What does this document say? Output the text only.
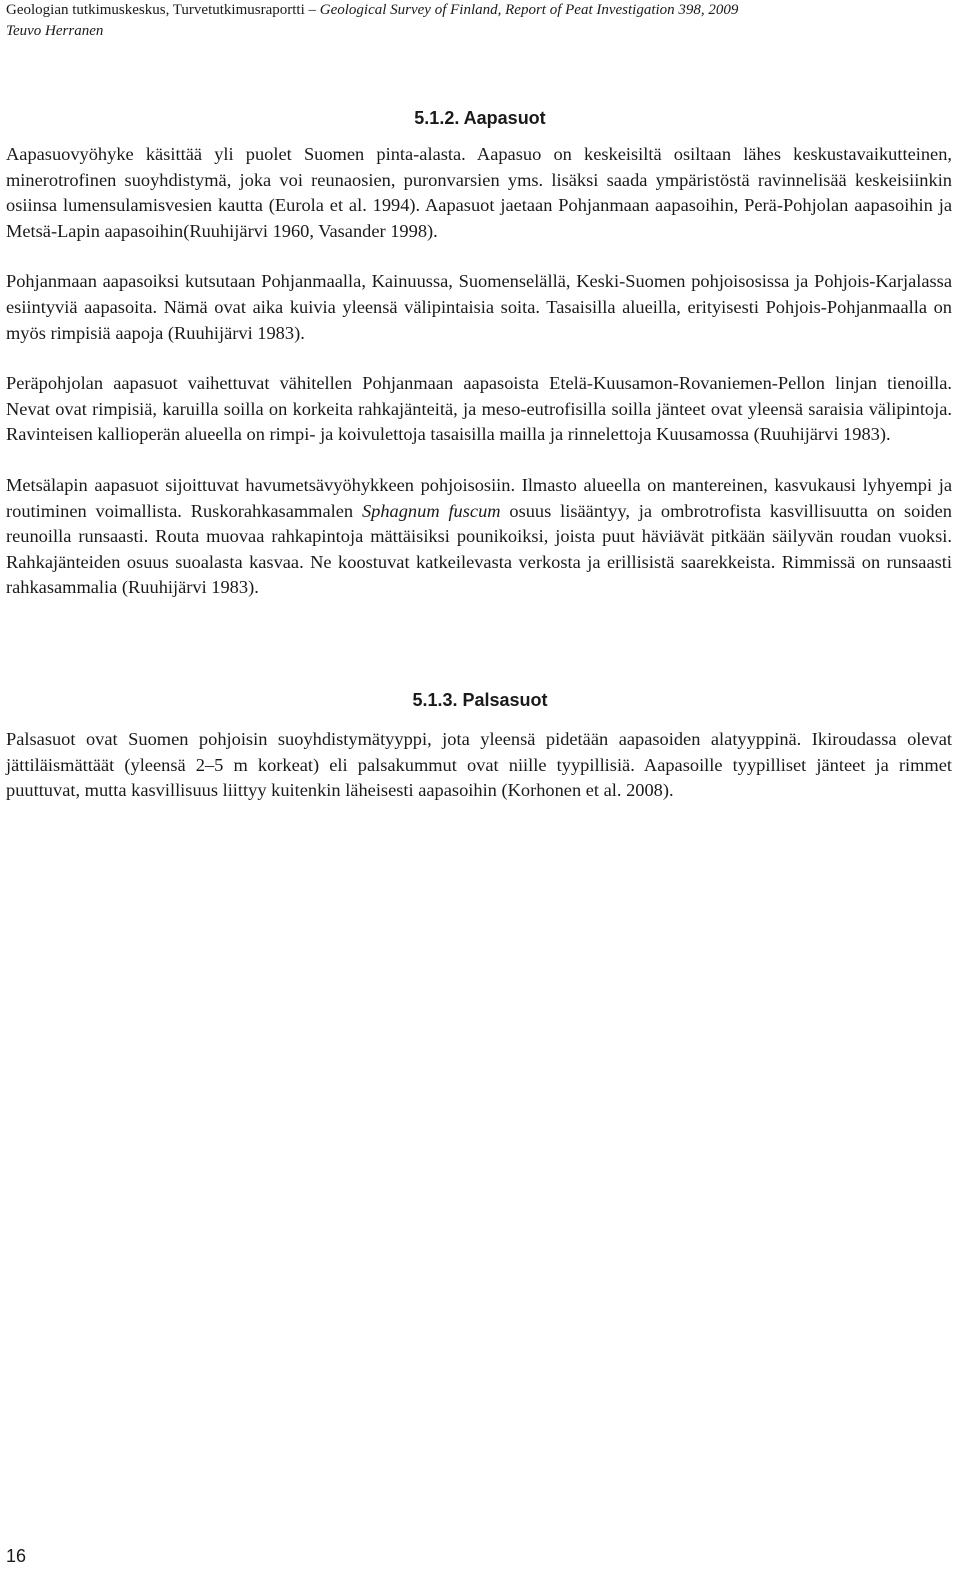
Geologian tutkimuskeskus, Turvetutkimusraportti – Geological Survey of Finland, Report of Peat Investigation 398, 2009
Teuvo Herranen
5.1.2. Aapasuot

Aapasuovyöhyke käsittää yli puolet Suomen pinta-alasta. Aapasuo on keskeisiltä osiltaan lähes keskustavaikutteinen, minerotrofinen suoyhdistymä, joka voi reunaosien, puronvarsien yms. lisäksi saada ympäristöstä ravinnelisää keskeisiinkin osiinsa lumensulamisvesien kautta (Eurola et al. 1994). Aapasuot jaetaan Pohjanmaan aapasoihin, Perä-Pohjolan aapasoihin ja Metsä-Lapin aapasoihin(Ruuhijärvi 1960, Vasander 1998).

Pohjanmaan aapasoiksi kutsutaan Pohjanmaalla, Kainuussa, Suomenselällä, Keski-Suomen pohjoisosissa ja Pohjois-Karjalassa esiintyviä aapasoita. Nämä ovat aika kuivia yleensä välipintaisia soita. Tasaisilla alueilla, erityisesti Pohjois-Pohjanmaalla on myös rimpisiä aapoja (Ruuhijärvi 1983).

Peräpohjolan aapasuot vaihettuvat vähitellen Pohjanmaan aapasoista Etelä-Kuusamon-Rovaniemen-Pellon linjan tienoilla. Nevat ovat rimpisiä, karuilla soilla on korkeita rahkajänteitä, ja meso-eutrofisilla soilla jänteet ovat yleensä saraisia välipintoja. Ravinteisen kallioperän alueella on rimpi- ja koivulettoja tasaisilla mailla ja rinnelettoja Kuusamossa (Ruuhijärvi 1983).

Metsälapin aapasuot sijoittuvat havumetsävyöhykkeen pohjoisosiin. Ilmasto alueella on mantereinen, kasvukausi lyhyempi ja routiminen voimallista. Ruskorahkasammalen Sphagnum fuscum osuus lisääntyy, ja ombrotrofista kasvillisuutta on soiden reunoilla runsaasti. Routa muovaa rahkapintoja mättäisiksi pounikoiksi, joista puut häviävät pitkään säilyvän roudan vuoksi. Rahkajänteiden osuus suoalasta kasvaa. Ne koostuvat katkeilevasta verkosta ja erillisistä saarekkeista. Rimmissä on runsaasti rahkasammalia (Ruuhijärvi 1983).

5.1.3. Palsasuot

Palsasuot ovat Suomen pohjoisin suoyhdistymätyyppi, jota yleensä pidetään aapasoiden alatyyppinä. Ikiroudassa olevat jättiläismättäät (yleensä 2–5 m korkeat) eli palsakummut ovat niille tyypillisiä. Aapasoille tyypilliset jänteet ja rimmet puuttuvat, mutta kasvillisuus liittyy kuitenkin läheisesti aapasoihin (Korhonen et al. 2008).

16
